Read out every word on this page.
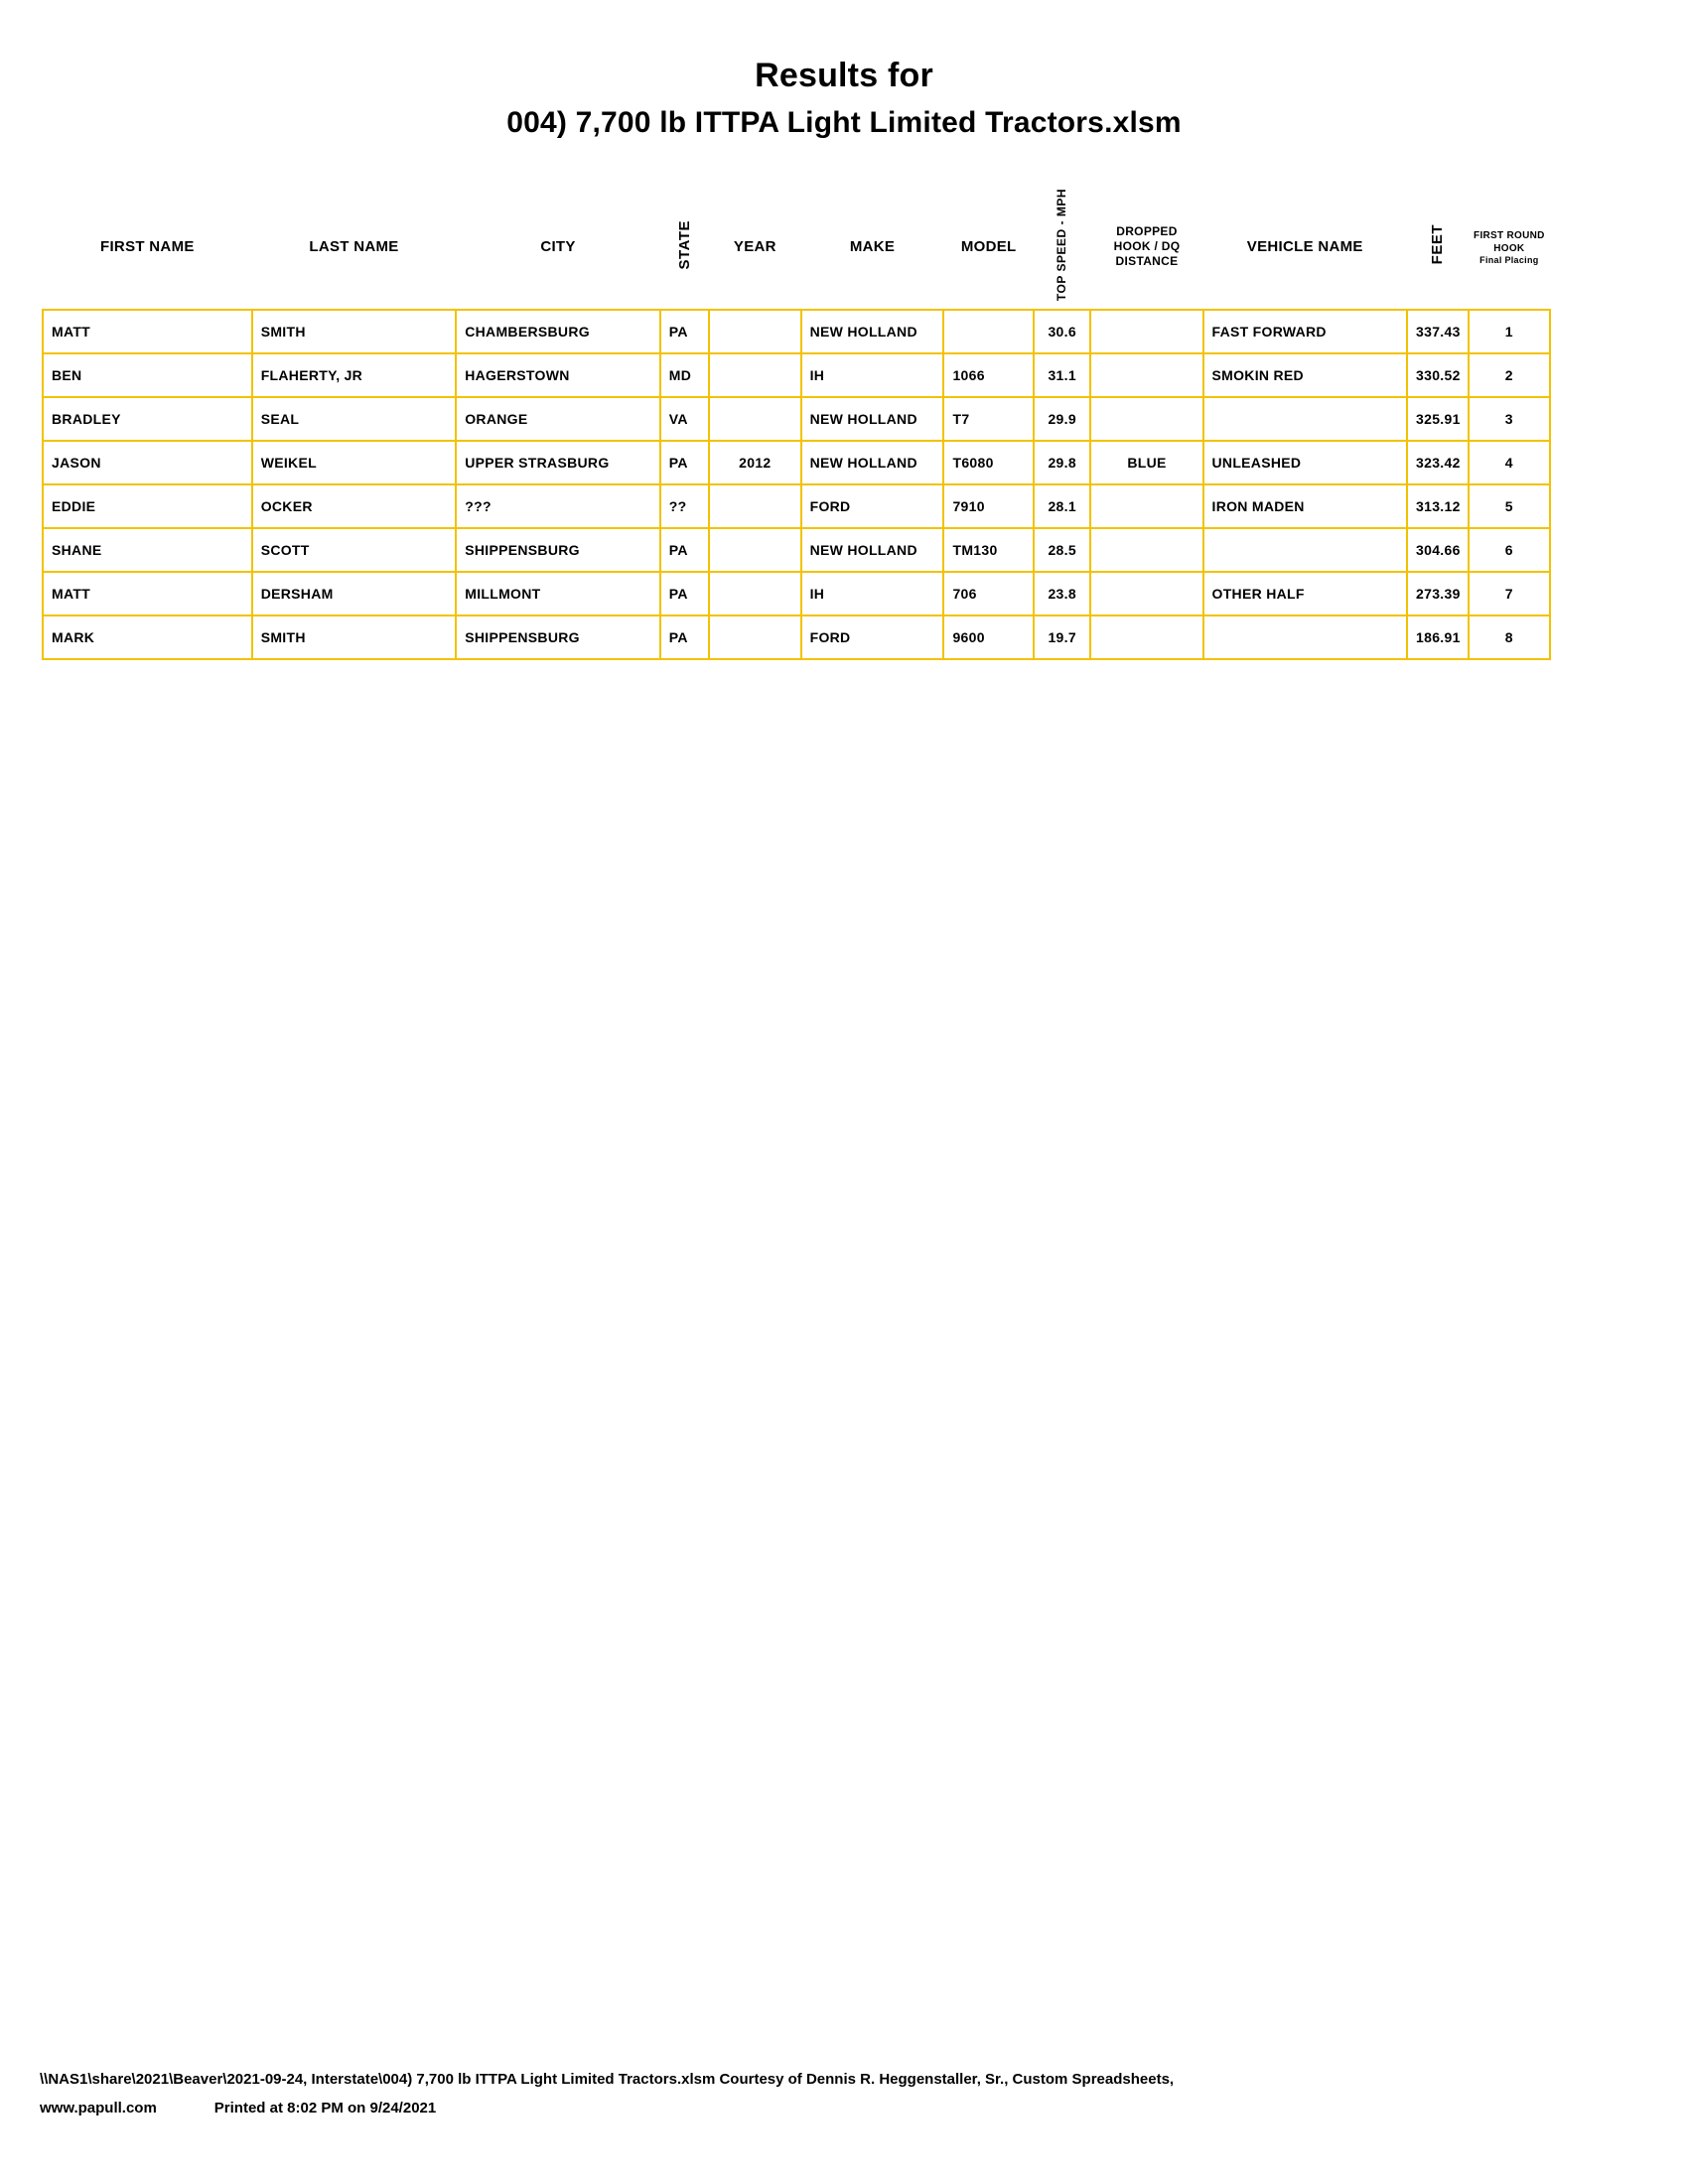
Results for
004) 7,700 lb ITTPA Light Limited Tractors.xlsm
FIRST NAME	LAST NAME	CITY	STATE	YEAR	MAKE	MODEL	TOP SPEED - MPH	DROPPED
HOOK / DQ
DISTANCE
	VEHICLE NAME	FEET	FIRST ROUND
HOOK
Final Placing

MATT	SMITH	CHAMBERSBURG	PA		NEW HOLLAND		30.6		FAST FORWARD	337.43	1
BEN	FLAHERTY, JR	HAGERSTOWN	MD		IH	1066	31.1		SMOKIN RED	330.52	2
BRADLEY	SEAL	ORANGE	VA		NEW HOLLAND	T7	29.9			325.91	3
JASON	WEIKEL	UPPER STRASBURG	PA	2012	NEW HOLLAND	T6080	29.8	BLUE	UNLEASHED	323.42	4
EDDIE	OCKER	???	??		FORD	7910	28.1		IRON MADEN	313.12	5
SHANE	SCOTT	SHIPPENSBURG	PA		NEW HOLLAND	TM130	28.5			304.66	6
MATT	DERSHAM	MILLMONT	PA		IH	706	23.8		OTHER HALF	273.39	7
MARK	SMITH	SHIPPENSBURG	PA		FORD	9600	19.7			186.91	8
\\NAS1\share\2021\Beaver\2021-09-24, Interstate\004) 7,700 lb ITTPA Light Limited Tractors.xlsm Courtesy of Dennis R. Heggenstaller, Sr., Custom Spreadsheets,
www.papull.com	Printed at 8:02 PM on 9/24/2021
